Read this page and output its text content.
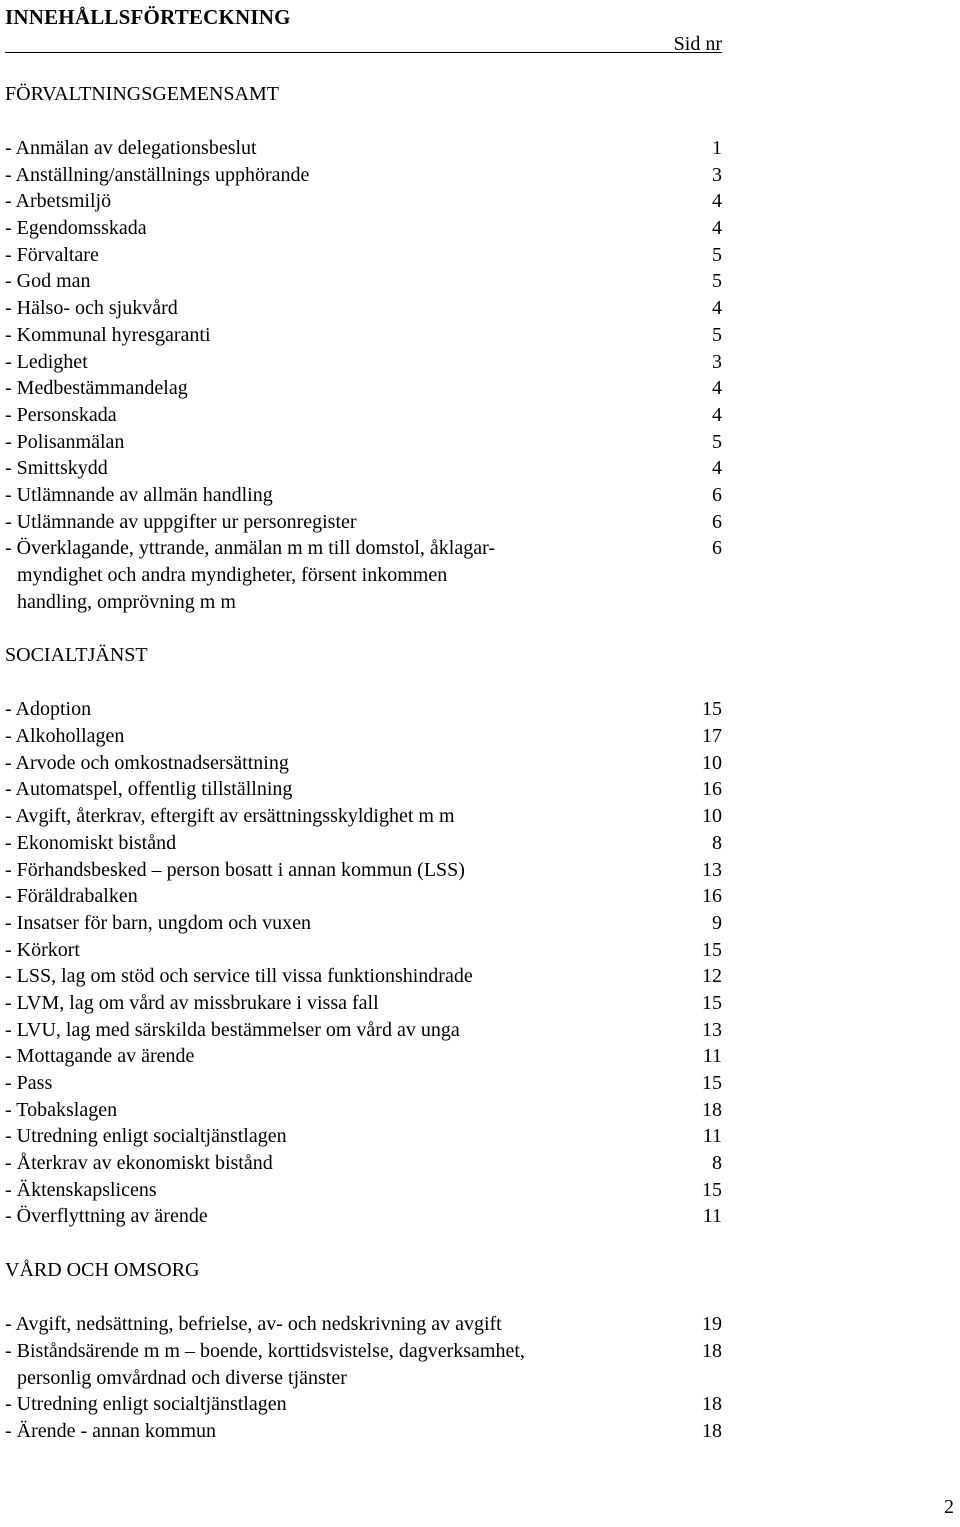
INNEHÅLLSFÖRTECKNING
Sid nr
FÖRVALTNINGSGEMENSAMT
- Anmälan av delegationsbeslut	1
- Anställning/anställnings upphörande	3
- Arbetsmiljö	4
- Egendomsskada	4
- Förvaltare	5
- God man	5
- Hälso- och sjukvård	4
- Kommunal hyresgaranti	5
- Ledighet	3
- Medbestämmandelag	4
- Personskada	4
- Polisanmälan	5
- Smittskydd	4
- Utlämnande av allmän handling	6
- Utlämnande av uppgifter ur personregister	6
- Överklagande, yttrande, anmälan m m till domstol, åklagar-	6
myndighet och andra myndigheter, försent inkommen
handling, omprövning m m
SOCIALTJÄNST
- Adoption	15
- Alkohollagen	17
- Arvode och omkostnadsersättning	10
- Automatspel, offentlig tillställning	16
- Avgift, återkrav, eftergift av ersättningsskyldighet m m	10
- Ekonomiskt bistånd	8
- Förhandsbesked – person bosatt i annan kommun (LSS)	13
- Föräldrabalken	16
- Insatser för barn, ungdom och vuxen	9
- Körkort	15
- LSS, lag om stöd och service till vissa funktionshindrade	12
- LVM, lag om vård av missbrukare i vissa fall	15
- LVU, lag med särskilda bestämmelser om vård av unga	13
- Mottagande av ärende	11
- Pass	15
- Tobakslagen	18
- Utredning enligt socialtjänstlagen	11
- Återkrav av ekonomiskt bistånd	8
- Äktenskapslicens	15
- Överflyttning av ärende	11
VÅRD OCH OMSORG
- Avgift, nedsättning, befrielse, av- och nedskrivning av avgift	19
- Biståndsärende m m – boende, korttidsvistelse, dagverksamhet,	18
personlig omvårdnad och diverse tjänster
- Utredning enligt socialtjänstlagen	18
- Ärende - annan kommun	18
2
